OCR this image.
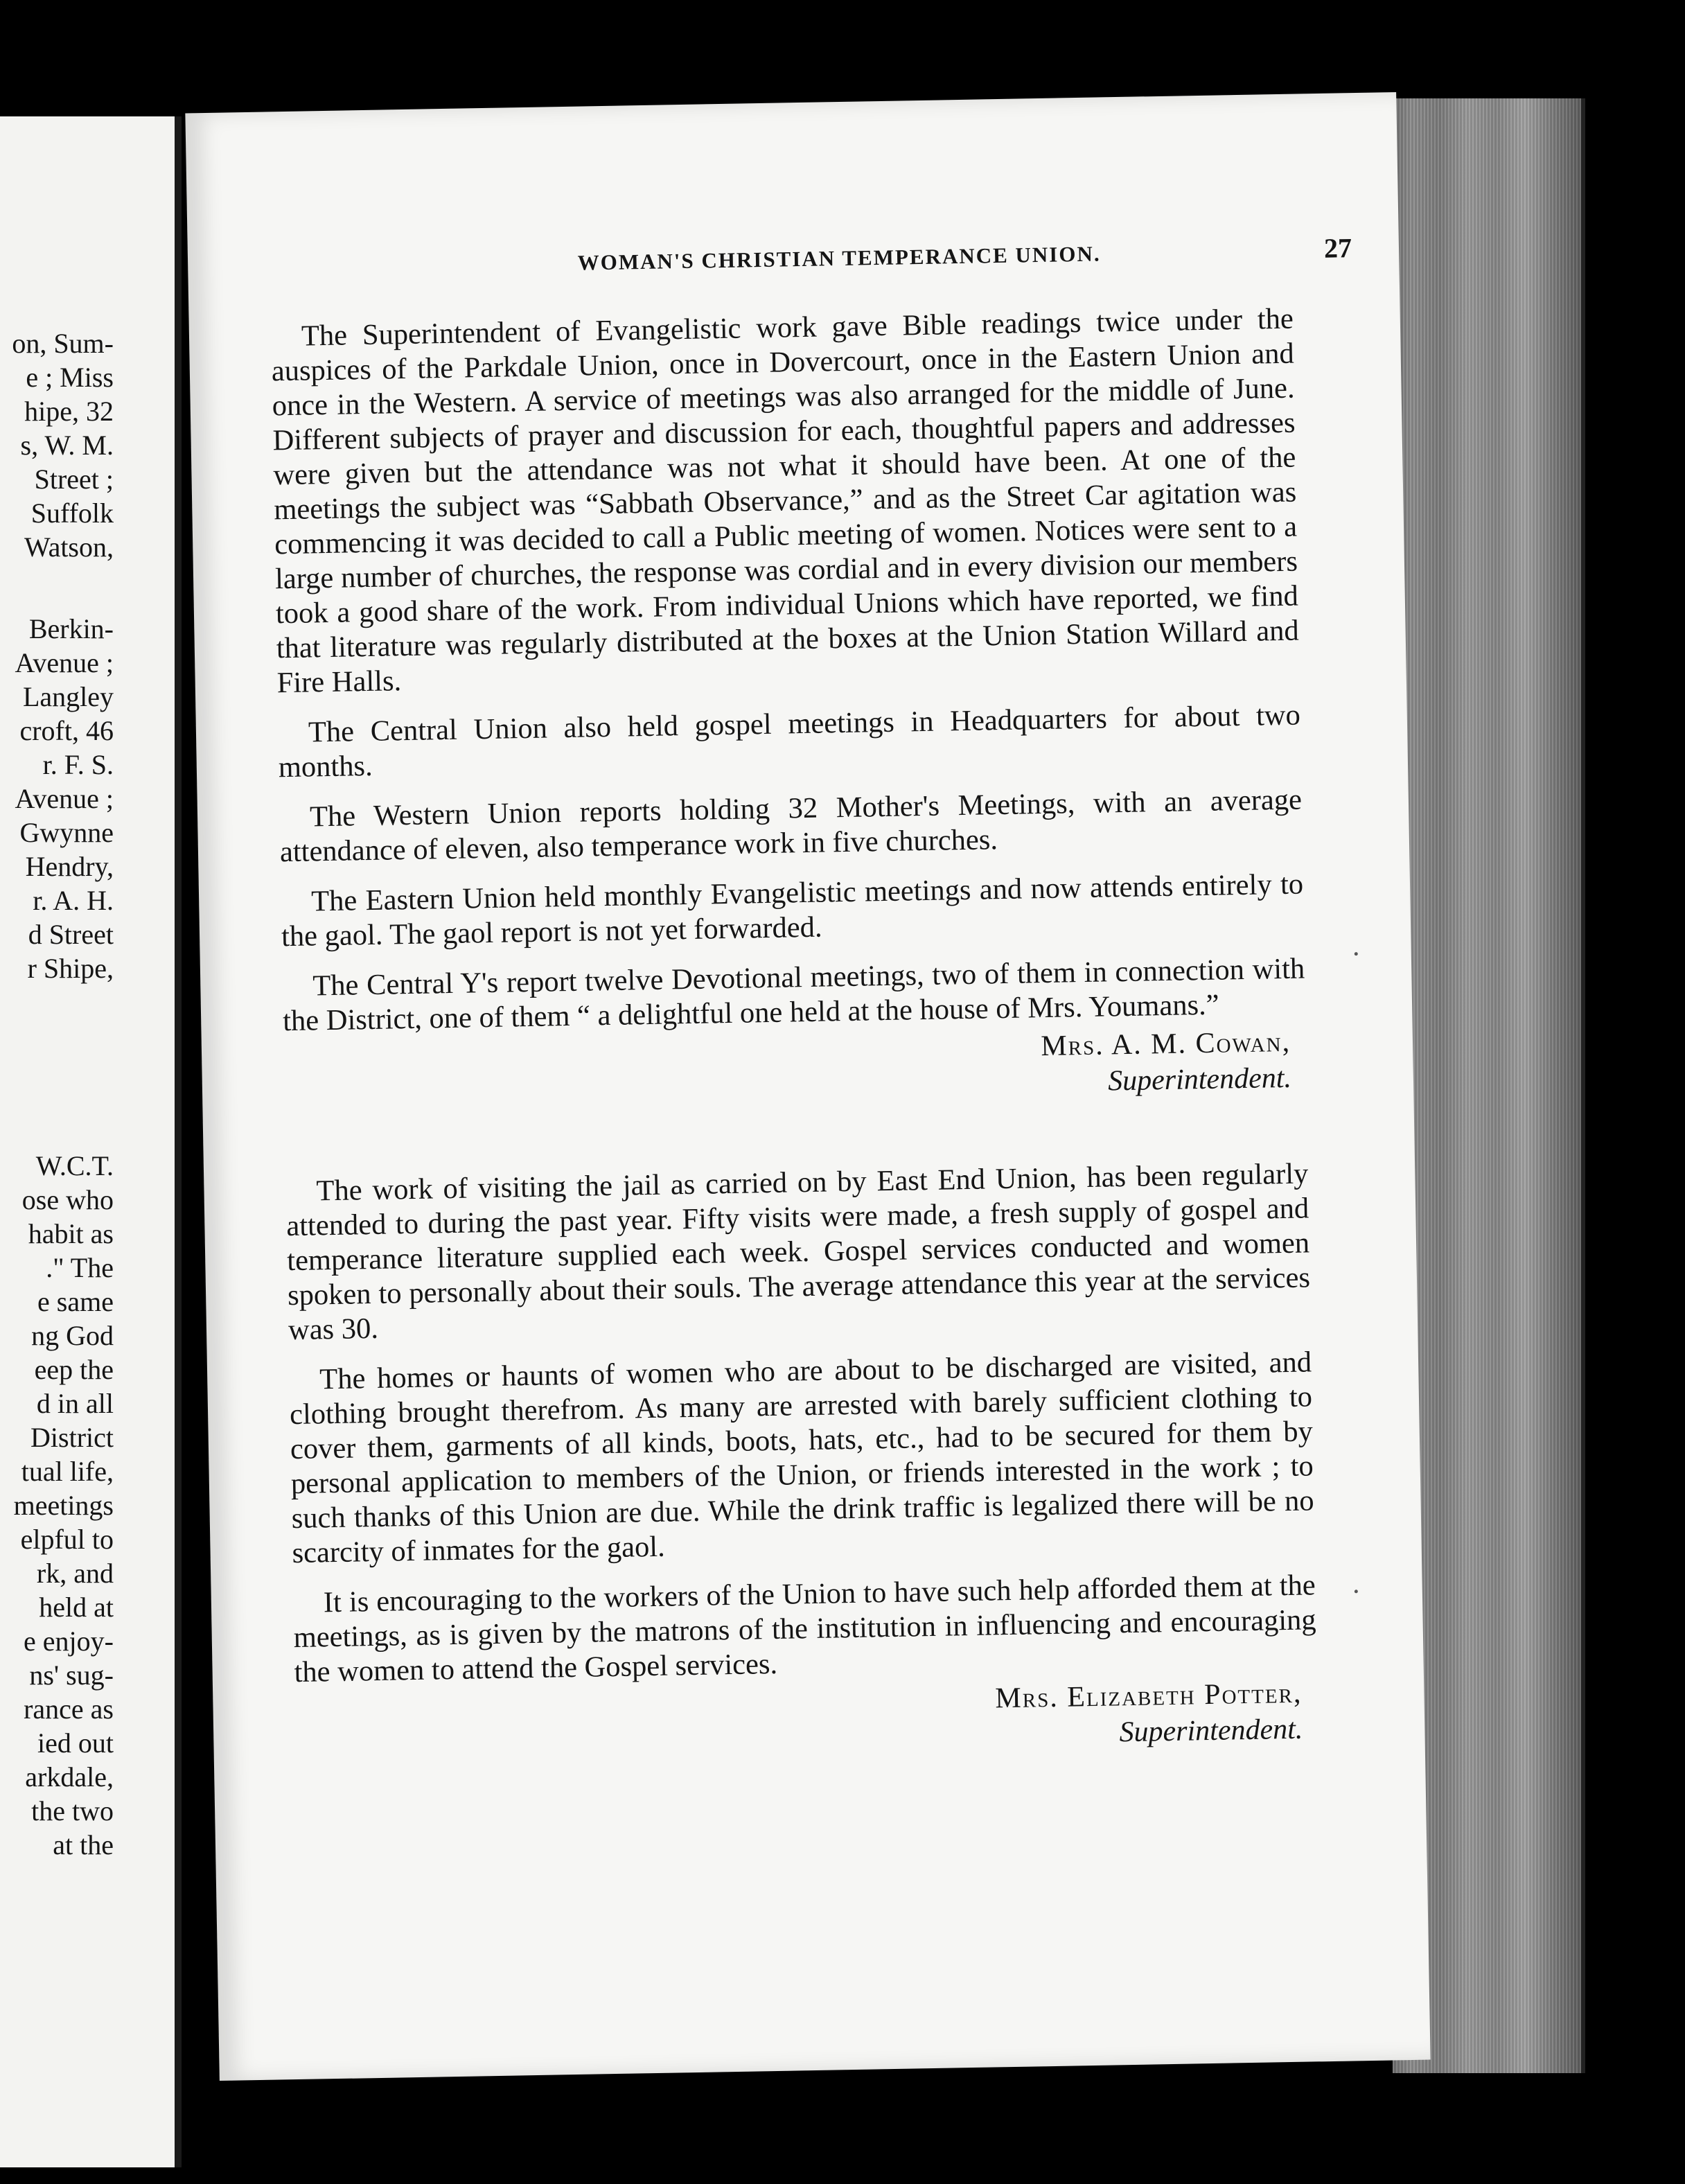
on, Sum-
e ; Miss
hipe, 32
s, W. M.
Street ;
Suffolk
Watson,
Berkin-
Avenue ;
Langley
croft, 46
r. F. S.
Avenue ;
Gwynne
Hendry,
r. A. H.
d Street
r Shipe,
W.C.T.
ose who
habit as
." The
e same
ng God
eep the
d in all
District
tual life,
meetings
elpful to
rk, and
held at
e enjoy-
ns' sug-
rance as
ied out
arkdale,
the two
at the
WOMAN'S CHRISTIAN TEMPERANCE UNION.	27

The Superintendent of Evangelistic work gave Bible readings twice under the auspices of the Parkdale Union, once in Dovercourt, once in the Eastern Union and once in the Western. A service of meetings was also arranged for the middle of June. Different subjects of prayer and discussion for each, thoughtful papers and addresses were given but the attendance was not what it should have been. At one of the meetings the subject was “Sabbath Observance,” and as the Street Car agitation was commencing it was decided to call a Public meeting of women. Notices were sent to a large number of churches, the response was cordial and in every division our members took a good share of the work. From individual Unions which have reported, we find that literature was regularly distributed at the boxes at the Union Station Willard and Fire Halls.

The Central Union also held gospel meetings in Headquarters for about two months.

The Western Union reports holding 32 Mother's Meetings, with an average attendance of eleven, also temperance work in five churches.

The Eastern Union held monthly Evangelistic meetings and now attends entirely to the gaol. The gaol report is not yet forwarded.

The Central Y's report twelve Devotional meetings, two of them in connection with the District, one of them “ a delightful one held at the house of Mrs. Youmans.”

Mrs. A. M. Cowan,
Superintendent.

The work of visiting the jail as carried on by East End Union, has been regularly attended to during the past year. Fifty visits were made, a fresh supply of gospel and temperance literature supplied each week. Gospel services conducted and women spoken to personally about their souls. The average attendance this year at the services was 30.

The homes or haunts of women who are about to be discharged are visited, and clothing brought therefrom. As many are arrested with barely sufficient clothing to cover them, garments of all kinds, boots, hats, etc., had to be secured for them by personal application to members of the Union, or friends interested in the work ; to such thanks of this Union are due. While the drink traffic is legalized there will be no scarcity of inmates for the gaol.

It is encouraging to the workers of the Union to have such help afforded them at the meetings, as is given by the matrons of the institution in influencing and encouraging the women to attend the Gospel services.

Mrs. Elizabeth Potter,
Superintendent.
